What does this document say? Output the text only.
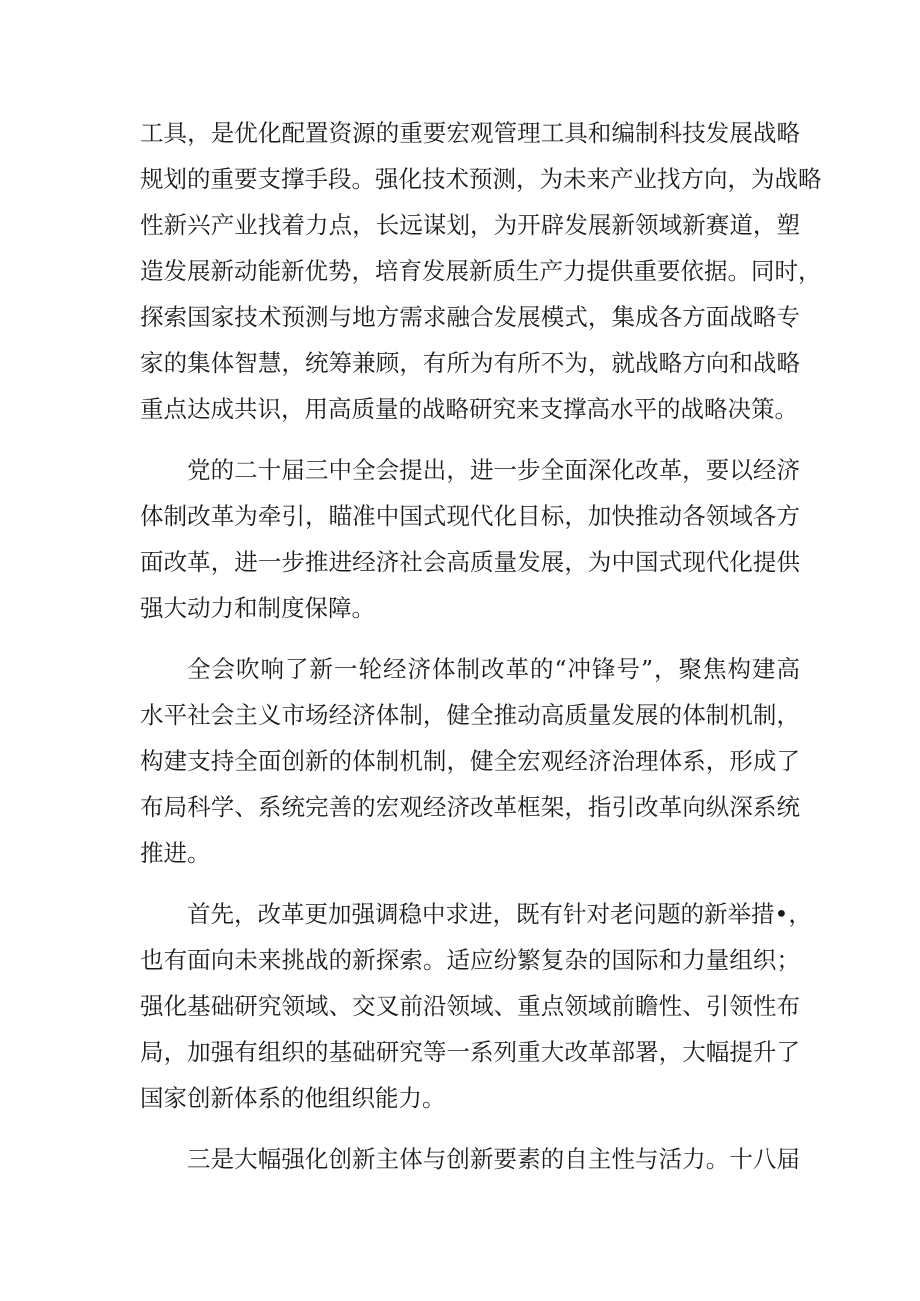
工具，是优化配置资源的重要宏观管理工具和编制科技发展战略
规划的重要支撑手段。强化技术预测，为未来产业找方向，为战略
性新兴产业找着力点，长远谋划，为开辟发展新领域新赛道，塑
造发展新动能新优势，培育发展新质生产力提供重要依据。同时，
探索国家技术预测与地方需求融合发展模式，集成各方面战略专
家的集体智慧，统筹兼顾，有所为有所不为，就战略方向和战略
重点达成共识，用高质量的战略研究来支撑高水平的战略决策。
党的二十届三中全会提出，进一步全面深化改革，要以经济
体制改革为牵引，瞄准中国式现代化目标，加快推动各领域各方
面改革，进一步推进经济社会高质量发展，为中国式现代化提供
强大动力和制度保障。
全会吹响了新一轮经济体制改革的“冲锋号”，聚焦构建高
水平社会主义市场经济体制，健全推动高质量发展的体制机制，
构建支持全面创新的体制机制，健全宏观经济治理体系，形成了
布局科学、系统完善的宏观经济改革框架，指引改革向纵深系统
推进。
首先，改革更加强调稳中求进，既有针对老问题的新举措•，
也有面向未来挑战的新探索。适应纷繁复杂的国际和力量组织；
强化基础研究领域、交叉前沿领域、重点领域前瞻性、引领性布
局，加强有组织的基础研究等一系列重大改革部署，大幅提升了
国家创新体系的他组织能力。
三是大幅强化创新主体与创新要素的自主性与活力。十八届
